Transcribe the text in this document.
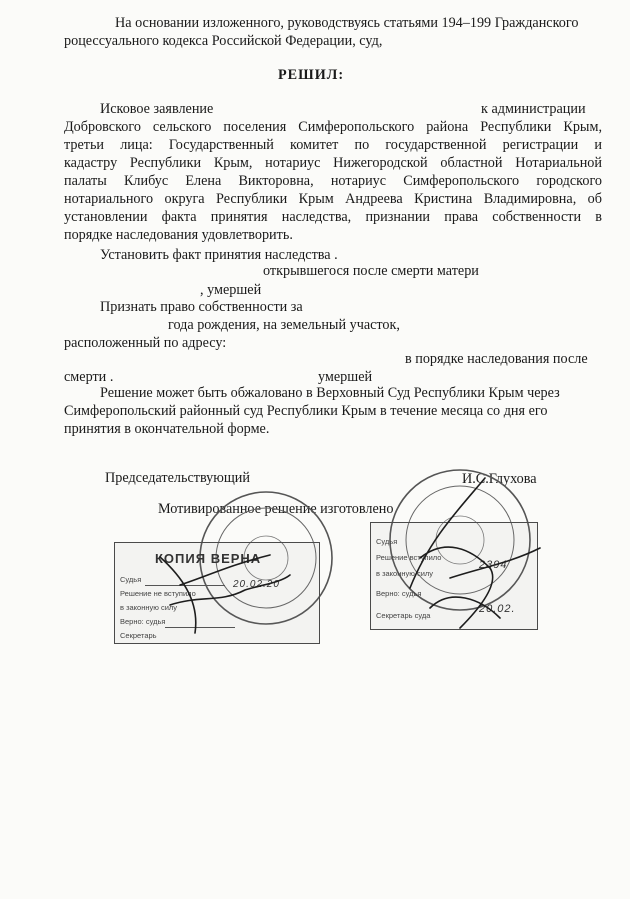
На основании изложенного, руководствуясь статьями 194–199 Гражданского
роцессуального кодекса Российской Федерации, суд,
РЕШИЛ:
Исковое заявление	к администрации
Добровского сельского поселения Симферопольского района Республики Крым,
третьи лица: Государственный комитет по государственной регистрации и
кадастру Республики Крым, нотариус Нижегородской областной Нотариальной
палаты Клибус Елена Викторовна, нотариус Симферопольского городского
нотариального округа Республики Крым Андреева Кристина Владимировна, об
установлении факта принятия наследства, признании права собственности в
порядке наследования удовлетворить.
Установить факт принятия наследства .
открывшегося после смерти матери
, умершей
Признать право собственности за
года рождения, на земельный участок,
расположенный по адресу:
в порядке наследования после
смерти .	умершей
Решение может быть обжаловано в Верховный Суд Республики Крым через
Симферопольский районный суд Республики Крым в течение месяца со дня его
принятия в окончательной форме.
Председательствующий	И.С.Глухова
Мотивированное решение изготовлено
КОПИЯ ВЕРНА
Судья
Решение не вступило
в законную силу
Верно: судья
Секретарь
20.02.20
Судья
Решение вступило
в законную силу
Верно: судья
Секретарь суда
2394
20.02.
